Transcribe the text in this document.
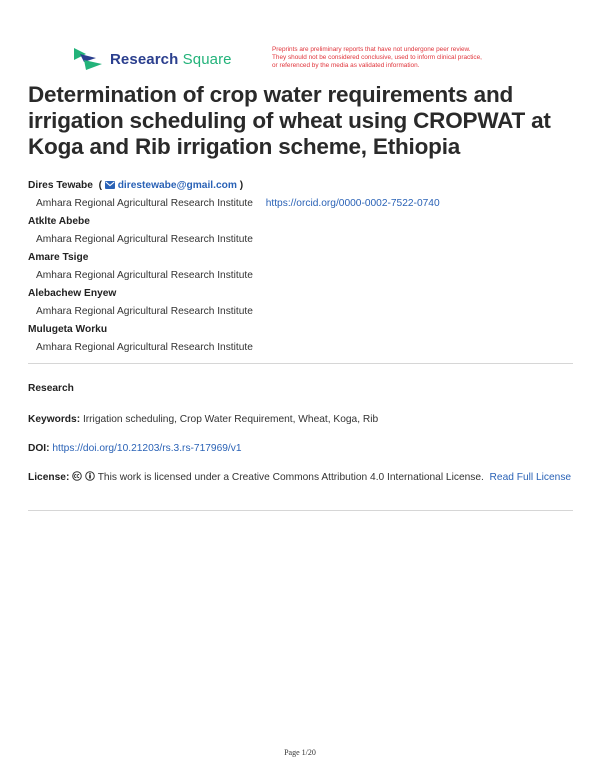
Research Square
Preprints are preliminary reports that have not undergone peer review.
They should not be considered conclusive, used to inform clinical practice,
or referenced by the media as validated information.
Determination of crop water requirements and irrigation scheduling of wheat using CROPWAT at Koga and Rib irrigation scheme, Ethiopia
Dires Tewabe  (  direstewabe@gmail.com )
Amhara Regional Agricultural Research Institute https://orcid.org/0000-0002-7522-0740
Atklte Abebe
Amhara Regional Agricultural Research Institute
Amare Tsige
Amhara Regional Agricultural Research Institute
Alebachew Enyew
Amhara Regional Agricultural Research Institute
Mulugeta Worku
Amhara Regional Agricultural Research Institute
Research
Keywords: Irrigation scheduling, Crop Water Requirement, Wheat, Koga, Rib
DOI: https://doi.org/10.21203/rs.3.rs-717969/v1
License:	This work is licensed under a Creative Commons Attribution 4.0 International License. Read Full License
Page 1/20
